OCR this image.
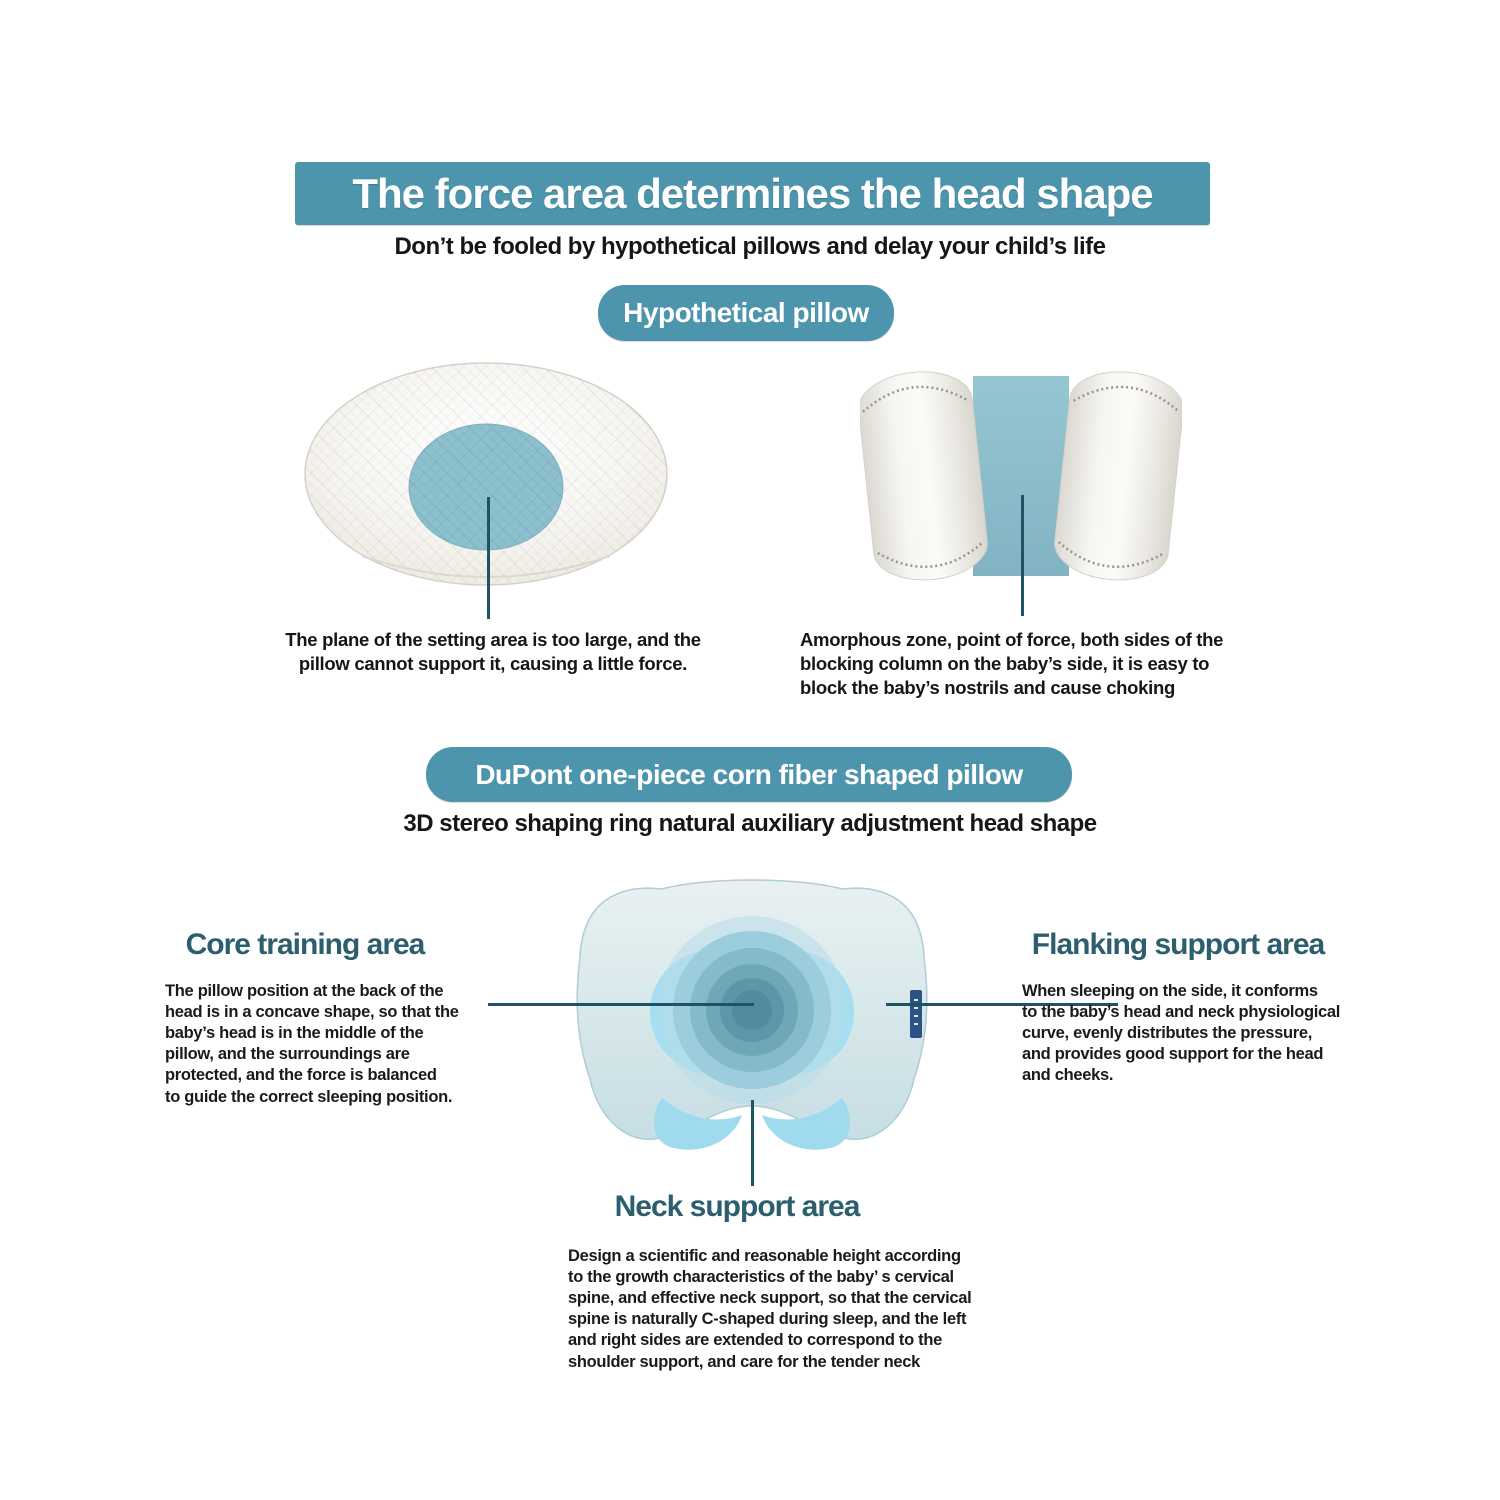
The force area determines the head shape
Don’t be fooled by hypothetical pillows and delay your child’s life
Hypothetical pillow
The plane of the setting area is too large, and the
pillow cannot support it, causing a little force.
Amorphous zone, point of force, both sides of the
blocking column on the baby’s side, it is easy to
block the baby’s nostrils and cause choking
DuPont one-piece corn fiber shaped pillow
3D stereo shaping ring natural auxiliary adjustment head shape
Core training area
The pillow position at the back of the
head is in a concave shape, so that the
baby’s head is in the middle of the
pillow, and the surroundings are
protected, and the force is balanced
to guide the correct sleeping position.
Flanking support area
When sleeping on the side, it conforms
to the baby’s head and neck physiological
curve, evenly distributes the pressure,
and provides good support for the head
and cheeks.
Neck support area
Design a scientific and reasonable height according
to the growth characteristics of the baby’ s cervical
spine, and effective neck support, so that the cervical
spine is naturally C-shaped during sleep, and the left
and right sides are extended to correspond to the
shoulder support, and care for the tender neck
